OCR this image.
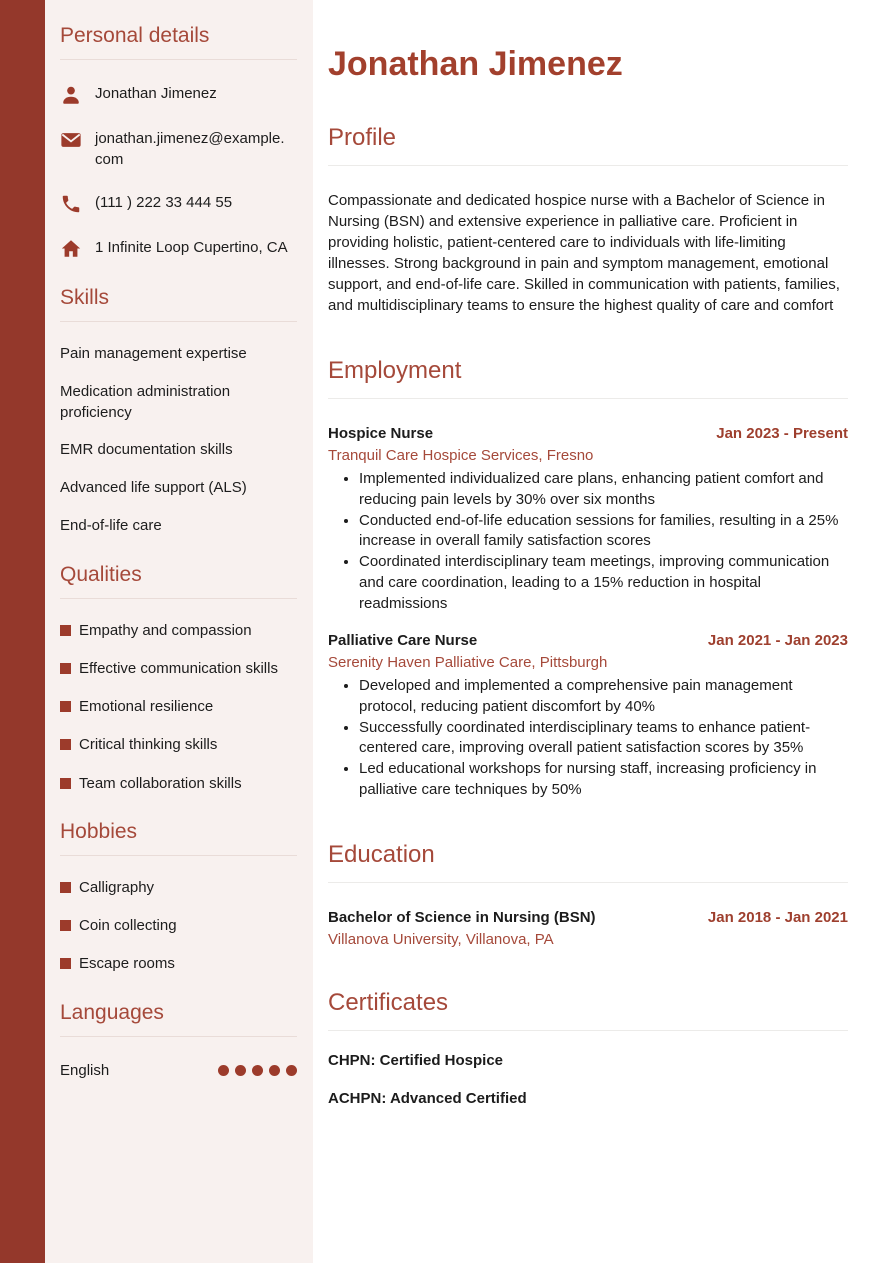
Personal details
Jonathan Jimenez
jonathan.jimenez@example.com
(111 ) 222 33 444 55
1 Infinite Loop Cupertino, CA
Skills
Pain management expertise
Medication administration proficiency
EMR documentation skills
Advanced life support (ALS)
End-of-life care
Qualities
Empathy and compassion
Effective communication skills
Emotional resilience
Critical thinking skills
Team collaboration skills
Hobbies
Calligraphy
Coin collecting
Escape rooms
Languages
English
Jonathan Jimenez
Profile

Compassionate and dedicated hospice nurse with a Bachelor of Science in Nursing (BSN) and extensive experience in palliative care. Proficient in providing holistic, patient-centered care to individuals with life-limiting illnesses. Strong background in pain and symptom management, emotional support, and end-of-life care. Skilled in communication with patients, families, and multidisciplinary teams to ensure the highest quality of care and comfort

Employment
Hospice Nurse	Jan 2023 - Present
Tranquil Care Hospice Services, Fresno
• Implemented individualized care plans, enhancing patient comfort and reducing pain levels by 30% over six months
• Conducted end-of-life education sessions for families, resulting in a 25% increase in overall family satisfaction scores
• Coordinated interdisciplinary team meetings, improving communication and care coordination, leading to a 15% reduction in hospital readmissions
Palliative Care Nurse	Jan 2021 - Jan 2023
Serenity Haven Palliative Care, Pittsburgh
• Developed and implemented a comprehensive pain management protocol, reducing patient discomfort by 40%
• Successfully coordinated interdisciplinary teams to enhance patient-centered care, improving overall patient satisfaction scores by 35%
• Led educational workshops for nursing staff, increasing proficiency in palliative care techniques by 50%
Education
Bachelor of Science in Nursing (BSN)	Jan 2018 - Jan 2021
Villanova University, Villanova, PA
Certificates
CHPN: Certified Hospice
ACHPN: Advanced Certified
